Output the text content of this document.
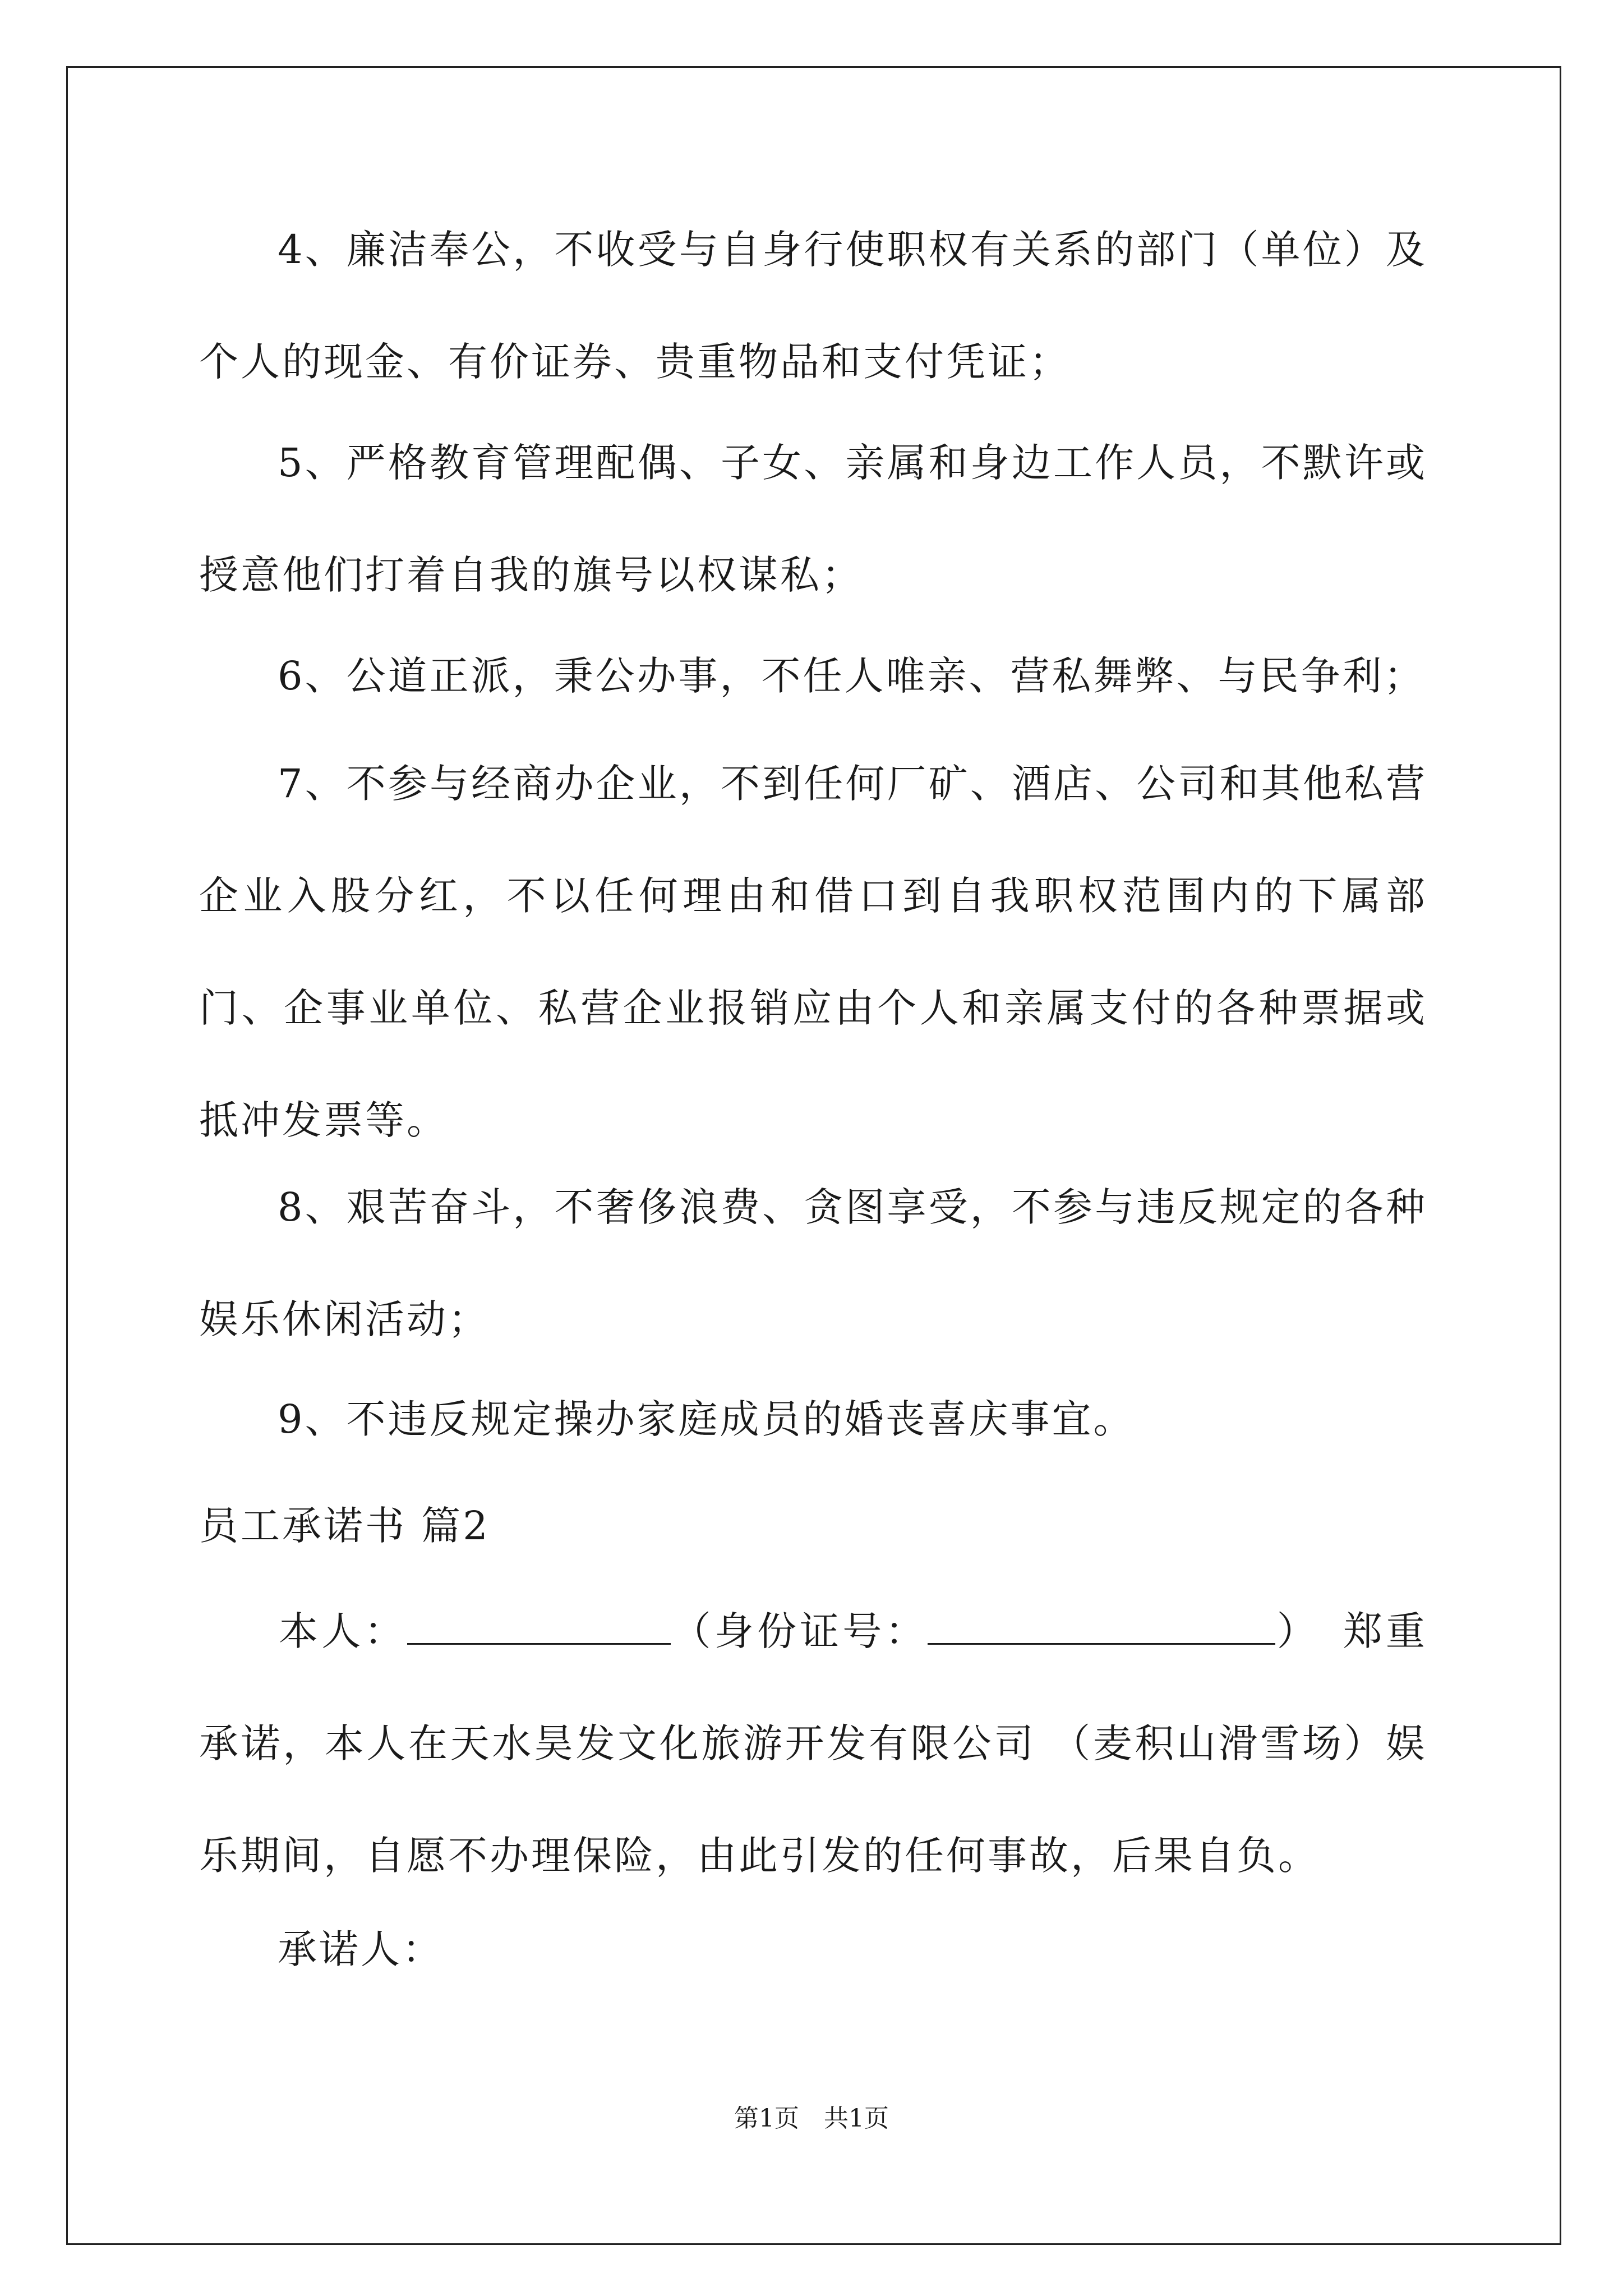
4、廉洁奉公，不收受与自身行使职权有关系的部门（单位）及个人的现金、有价证券、贵重物品和支付凭证；
5、严格教育管理配偶、子女、亲属和身边工作人员，不默许或授意他们打着自我的旗号以权谋私；
6、公道正派，秉公办事，不任人唯亲、营私舞弊、与民争利；
7、不参与经商办企业，不到任何厂矿、酒店、公司和其他私营企业入股分红，不以任何理由和借口到自我职权范围内的下属部门、企事业单位、私营企业报销应由个人和亲属支付的各种票据或抵冲发票等。
8、艰苦奋斗，不奢侈浪费、贪图享受，不参与违反规定的各种娱乐休闲活动；
9、不违反规定操办家庭成员的婚丧喜庆事宜。
员工承诺书 篇2
本人：	（身份证号：	） 郑重承诺，本人在天水昊发文化旅游开发有限公司 （麦积山滑雪场）娱乐期间，自愿不办理保险，由此引发的任何事故，后果自负。
承诺人：
第1页　共1页
